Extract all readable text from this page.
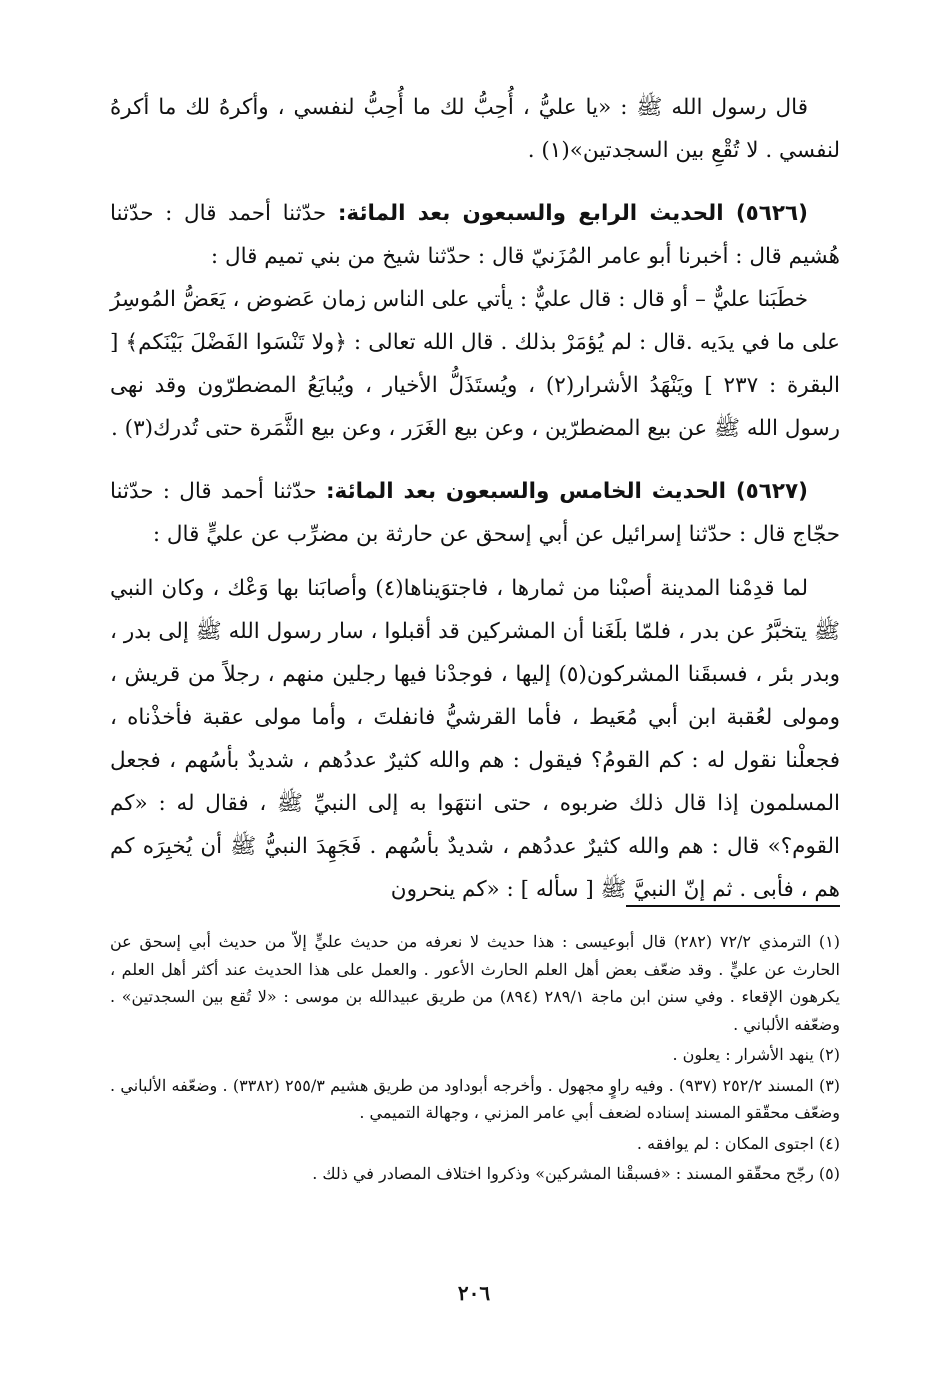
قال رسول الله ﷺ : «يا عليُّ ، أُحِبُّ لك ما أُحِبُّ لنفسي ، وأكرهُ لك ما أكرهُ لنفسي . لا تُقْعِ بين السجدتين»(١) .

(٥٦٢٦) الحديث الرابع والسبعون بعد المائة: حدّثنا أحمد قال : حدّثنا هُشيم قال : أخبرنا أبو عامر المُزَنيّ قال : حدّثنا شيخ من بني تميم قال :

خطَبَنا عليٌّ – أو قال : قال عليٌّ : يأتي على الناس زمان عَضوض ، يَعَضُّ المُوسِرُ على ما في يدَيه .قال : لم يُؤمَرْ بذلك . قال الله تعالى : ﴿ولا تَنْسَوا الفَضْلَ بَيْنَكم﴾ [ البقرة : ٢٣٧ ] ويَنْهَدُ الأشرار(٢) ، ويُستَذَلُّ الأخيار ، ويُبايَعُ المضطرّون وقد نهى رسول الله ﷺ عن بيع المضطرّين ، وعن بيع الغَرَر ، وعن بيع الثَّمَرة حتى تُدرك(٣) .

(٥٦٢٧) الحديث الخامس والسبعون بعد المائة: حدّثنا أحمد قال : حدّثنا حجّاج قال : حدّثنا إسرائيل عن أبي إسحق عن حارثة بن مضرِّب عن عليٍّ قال :

لما قدِمْنا المدينة أصبْنا من ثمارها ، فاجتوَيناها(٤) وأصابَنا بها وَعْك ، وكان النبي ﷺ يتخبَّرُ عن بدر ، فلمّا بلَغَنا أن المشركين قد أقبلوا ، سار رسول الله ﷺ إلى بدر ، وبدر بئر ، فسبقَنا المشركون(٥) إليها ، فوجدْنا فيها رجلين منهم ، رجلاً من قريش ، ومولى لعُقبة ابن أبي مُعَيط ، فأما القرشيُّ فانفلتَ ، وأما مولى عقبة فأخذْناه ، فجعلْنا نقول له : كم القومُ؟ فيقول : هم والله كثيرٌ عددُهم ، شديدٌ بأسُهم ، فجعل المسلمون إذا قال ذلك ضربوه ، حتى انتهَوا به إلى النبيِّ ﷺ ، فقال له : «كم القوم؟» قال : هم والله كثيرٌ عددُهم ، شديدٌ بأسُهم . فَجَهِدَ النبيُّ ﷺ أن يُخبِرَه كم هم ، فأبى . ثم إنّ النبيَّ ﷺ [ سأله ] : «كم ينحرون

(١) الترمذي ٧٢/٢ (٢٨٢) قال أبوعيسى : هذا حديث لا نعرفه من حديث عليٍّ إلاّ من حديث أبي إسحق عن الحارث عن عليٍّ . وقد ضعّف بعض أهل العلم الحارث الأعور . والعمل على هذا الحديث عند أكثر أهل العلم ، يكرهون الإقعاء . وفي سنن ابن ماجة ٢٨٩/١ (٨٩٤) من طريق عبيدالله بن موسى : «لا تُقع بين السجدتين» . وضعّفه الألباني .
(٢) ينهد الأشرار : يعلون .
(٣) المسند ٢٥٢/٢ (٩٣٧) . وفيه راوٍ مجهول . وأخرجه أبوداود من طريق هشيم ٢٥٥/٣ (٣٣٨٢) . وضعّفه الألباني . وضعّف محقّقو المسند إسناده لضعف أبي عامر المزني ، وجهالة التميمي .
(٤) اجتوى المكان : لم يوافقه .
(٥) رجّح محقّقو المسند : «فسبقْنا المشركين» وذكروا اختلاف المصادر في ذلك .
٢٠٦
